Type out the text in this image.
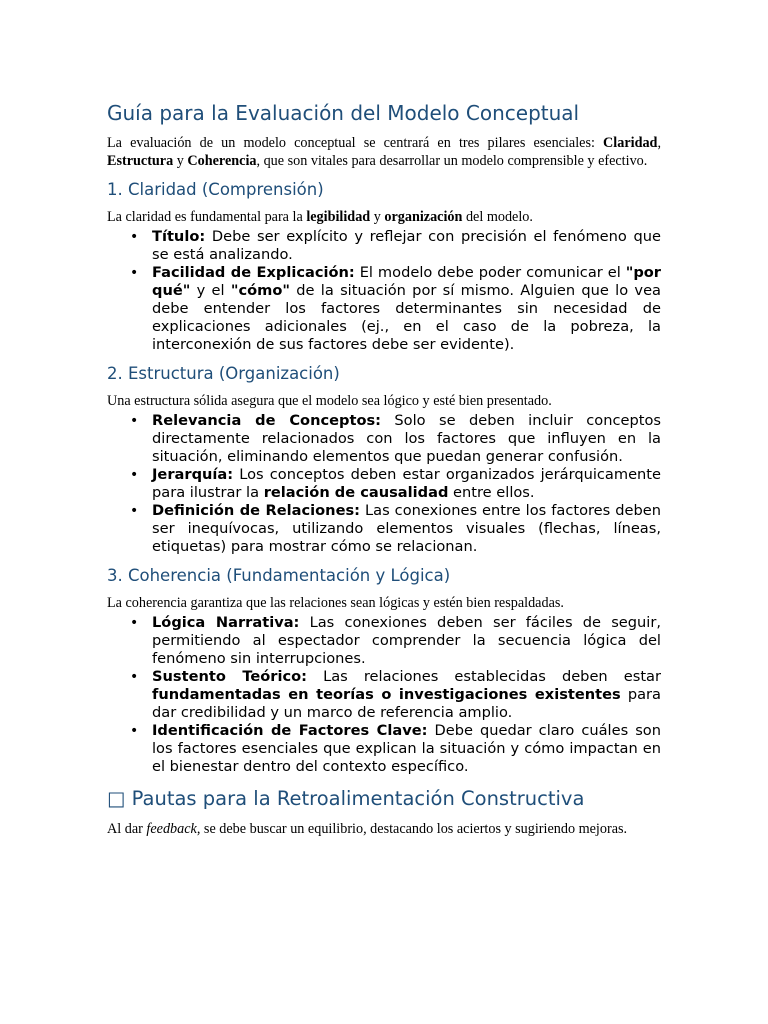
Guía para la Evaluación del Modelo Conceptual

La evaluación de un modelo conceptual se centrará en tres pilares esenciales: Claridad, Estructura y Coherencia, que son vitales para desarrollar un modelo comprensible y efectivo.

1. Claridad (Comprensión)

La claridad es fundamental para la legibilidad y organización del modelo.

• Título: Debe ser explícito y reflejar con precisión el fenómeno que se está analizando.
• Facilidad de Explicación: El modelo debe poder comunicar el "por qué" y el "cómo" de la situación por sí mismo. Alguien que lo vea debe entender los factores determinantes sin necesidad de explicaciones adicionales (ej., en el caso de la pobreza, la interconexión de sus factores debe ser evidente).
2. Estructura (Organización)

Una estructura sólida asegura que el modelo sea lógico y esté bien presentado.

• Relevancia de Conceptos: Solo se deben incluir conceptos directamente relacionados con los factores que influyen en la situación, eliminando elementos que puedan generar confusión.
• Jerarquía: Los conceptos deben estar organizados jerárquicamente para ilustrar la relación de causalidad entre ellos.
• Definición de Relaciones: Las conexiones entre los factores deben ser inequívocas, utilizando elementos visuales (flechas, líneas, etiquetas) para mostrar cómo se relacionan.
3. Coherencia (Fundamentación y Lógica)

La coherencia garantiza que las relaciones sean lógicas y estén bien respaldadas.

• Lógica Narrativa: Las conexiones deben ser fáciles de seguir, permitiendo al espectador comprender la secuencia lógica del fenómeno sin interrupciones.
• Sustento Teórico: Las relaciones establecidas deben estar fundamentadas en teorías o investigaciones existentes para dar credibilidad y un marco de referencia amplio.
• Identificación de Factores Clave: Debe quedar claro cuáles son los factores esenciales que explican la situación y cómo impactan en el bienestar dentro del contexto específico.
□ Pautas para la Retroalimentación Constructiva

Al dar feedback, se debe buscar un equilibrio, destacando los aciertos y sugiriendo mejoras.
